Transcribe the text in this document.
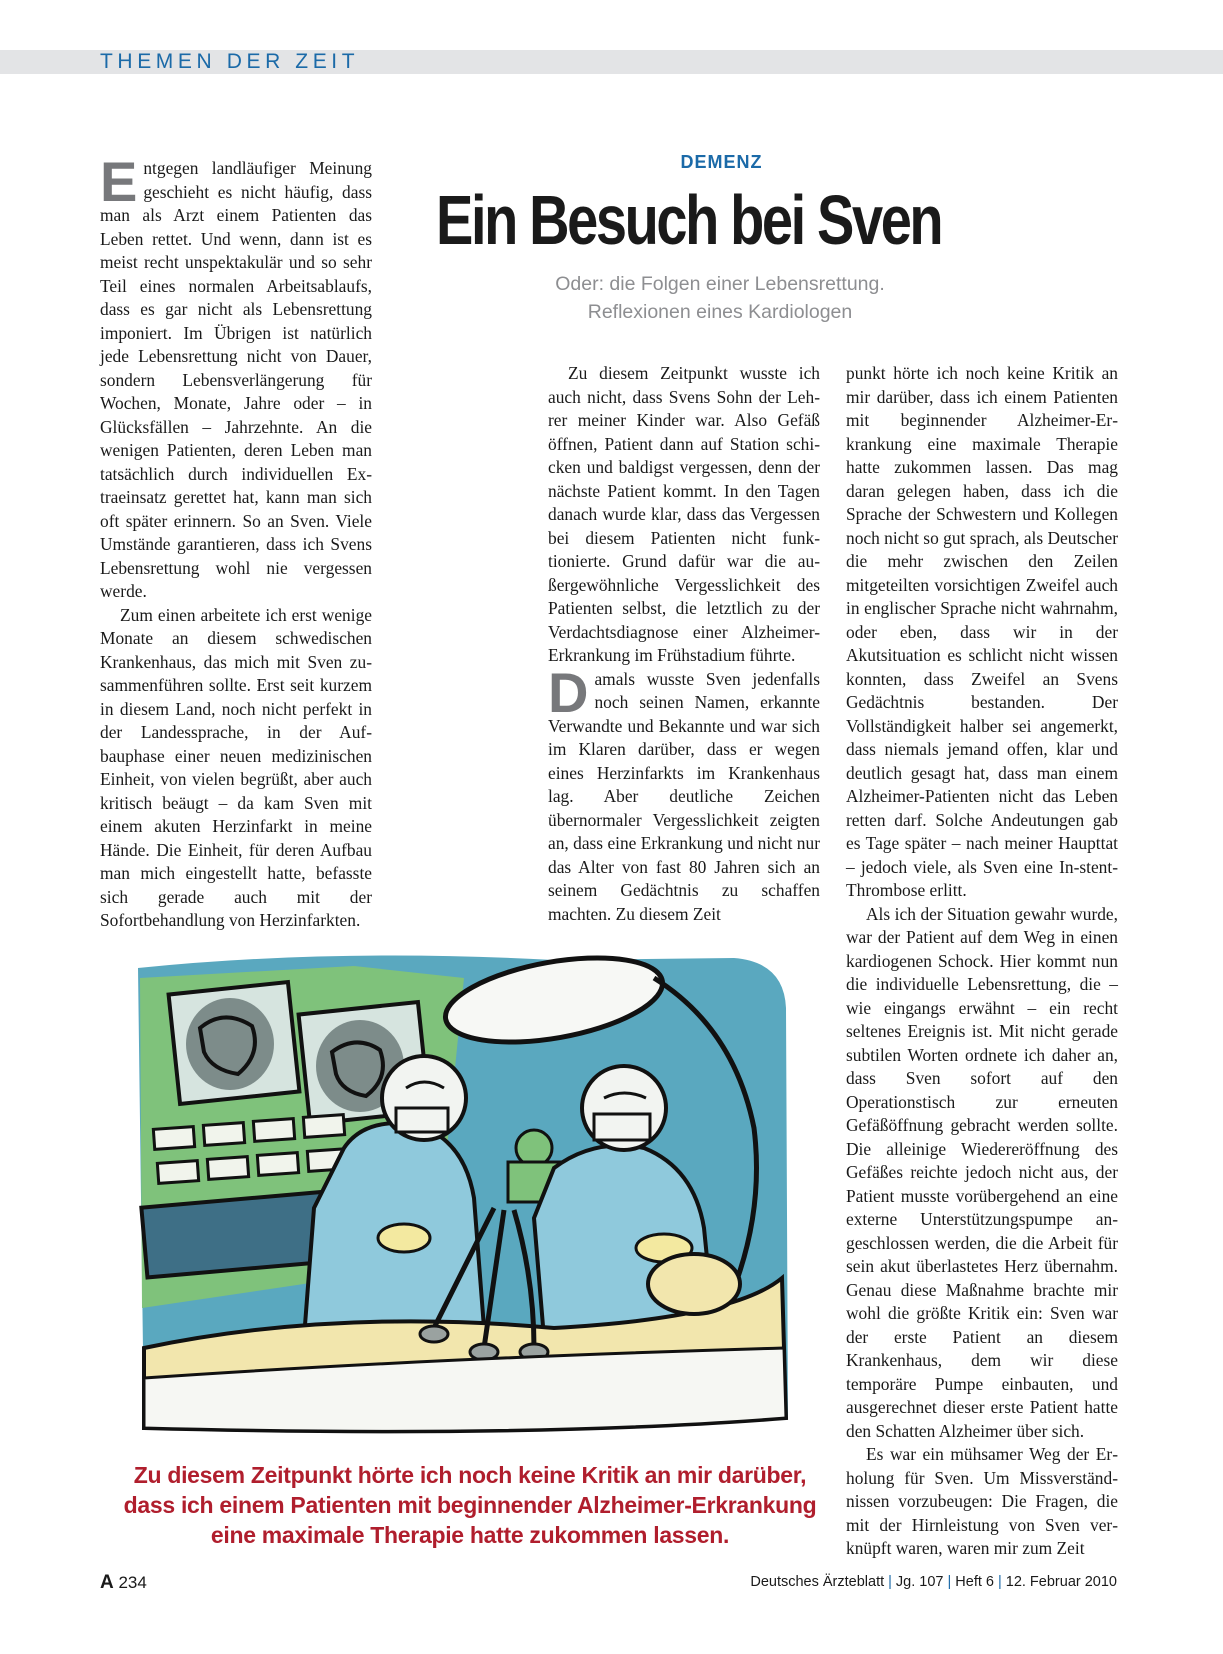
THEMEN DER ZEIT

Entgegen landläufiger Meinung geschieht es nicht häufig, dass man als Arzt einem Patienten das Leben rettet. Und wenn, dann ist es meist recht unspektakulär und so sehr Teil eines normalen Arbeitsablaufs, dass es gar nicht als Lebensrettung imponiert. Im Übrigen ist natürlich jede Lebensrettung nicht von Dauer, sondern Lebensverlängerung für Wochen, Monate, Jahre oder – in Glücksfällen – Jahrzehnte. An die wenigen Patienten, deren Leben man tatsächlich durch individuellen Extraeinsatz gerettet hat, kann man sich oft später erinnern. So an Sven. Viele Umstände garantieren, dass ich Svens Lebensrettung wohl nie vergessen werde.

Zum einen arbeitete ich erst wenige Monate an diesem schwedischen Krankenhaus, das mich mit Sven zusammenführen sollte. Erst seit kurzem in diesem Land, noch nicht perfekt in der Landessprache, in der Aufbauphase einer neuen medizinischen Einheit, von vielen begrüßt, aber auch kritisch beäugt – da kam Sven mit einem akuten Herzinfarkt in meine Hände. Die Einheit, für deren Aufbau man mich eingestellt hatte, befasste sich gerade auch mit der Sofortbehandlung von Herzinfarkten.

DEMENZ
Ein Besuch bei Sven
Oder: die Folgen einer Lebensrettung.
Reflexionen eines Kardiologen

Zu diesem Zeitpunkt wusste ich auch nicht, dass Svens Sohn der Lehrer meiner Kinder war. Also Gefäß öffnen, Patient dann auf Station schicken und baldigst vergessen, denn der nächste Patient kommt. In den Tagen danach wurde klar, dass das Vergessen bei diesem Patienten nicht funktionierte. Grund dafür war die außergewöhnliche Vergesslichkeit des Patienten selbst, die letztlich zu der Verdachtsdiagnose einer Alzheimer-Erkrankung im Frühstadium führte.

Damals wusste Sven jedenfalls noch seinen Namen, erkannte Verwandte und Bekannte und war sich im Klaren darüber, dass er wegen eines Herzinfarkts im Krankenhaus lag. Aber deutliche Zeichen übernormaler Vergesslichkeit zeigten an, dass eine Erkrankung und nicht nur das Alter von fast 80 Jahren sich an seinem Gedächtnis zu schaffen machten. Zu diesem Zeit

punkt hörte ich noch keine Kritik an mir darüber, dass ich einem Patienten mit beginnender Alzheimer-Erkrankung eine maximale Therapie hatte zukommen lassen. Das mag daran gelegen haben, dass ich die Sprache der Schwestern und Kollegen noch nicht so gut sprach, als Deutscher die mehr zwischen den Zeilen mitgeteilten vorsichtigen Zweifel auch in englischer Sprache nicht wahrnahm, oder eben, dass wir in der Akutsituation es schlicht nicht wissen konnten, dass Zweifel an Svens Gedächtnis bestanden. Der Vollständigkeit halber sei angemerkt, dass niemals jemand offen, klar und deutlich gesagt hat, dass man einem Alzheimer-Patienten nicht das Leben retten darf. Solche Andeutungen gab es Tage später – nach meiner Haupttat – jedoch viele, als Sven eine In-stent-Thrombose erlitt.

Als ich der Situation gewahr wurde, war der Patient auf dem Weg in einen kardiogenen Schock. Hier kommt nun die individuelle Lebensrettung, die – wie eingangs erwähnt – ein recht seltenes Ereignis ist. Mit nicht gerade subtilen Worten ordnete ich daher an, dass Sven sofort auf den Operationstisch zur erneuten Gefäßöffnung gebracht werden sollte. Die alleinige Wiedereröffnung des Gefäßes reichte jedoch nicht aus, der Patient musste vorübergehend an eine externe Unterstützungspumpe angeschlossen werden, die die Arbeit für sein akut überlastetes Herz übernahm. Genau diese Maßnahme brachte mir wohl die größte Kritik ein: Sven war der erste Patient an diesem Krankenhaus, dem wir diese temporäre Pumpe einbauten, und ausgerechnet dieser erste Patient hatte den Schatten Alzheimer über sich.

Es war ein mühsamer Weg der Erholung für Sven. Um Missverständnissen vorzubeugen: Die Fragen, die mit der Hirnleistung von Sven verknüpft waren, waren mir zum Zeit

Zu diesem Zeitpunkt hörte ich noch keine Kritik an mir darüber, dass ich einem Patienten mit beginnender Alzheimer-Erkrankung eine maximale Therapie hatte zukommen lassen.
A 234	Deutsches Ärzteblatt | Jg. 107 | Heft 6 | 12. Februar 2010
